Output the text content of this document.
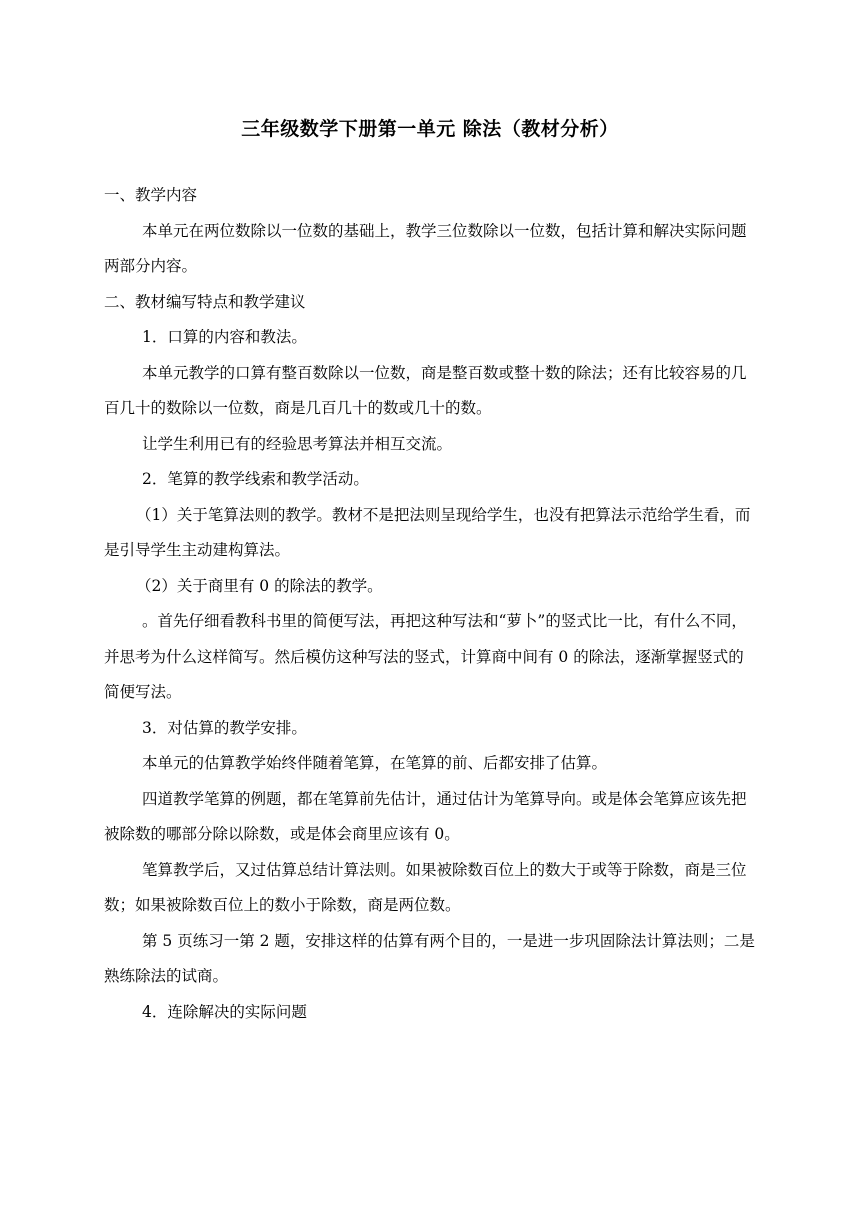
三年级数学下册第一单元 除法（教材分析）

一、教学内容

本单元在两位数除以一位数的基础上，教学三位数除以一位数，包括计算和解决实际问题两部分内容。

二、教材编写特点和教学建议

1．口算的内容和教法。

本单元教学的口算有整百数除以一位数，商是整百数或整十数的除法；还有比较容易的几百几十的数除以一位数，商是几百几十的数或几十的数。

让学生利用已有的经验思考算法并相互交流。

2．笔算的教学线索和教学活动。

（1）关于笔算法则的教学。教材不是把法则呈现给学生，也没有把算法示范给学生看，而是引导学生主动建构算法。

（2）关于商里有 0 的除法的教学。

。首先仔细看教科书里的简便写法，再把这种写法和“萝卜”的竖式比一比，有什么不同，并思考为什么这样简写。然后模仿这种写法的竖式，计算商中间有 0 的除法，逐渐掌握竖式的简便写法。

3．对估算的教学安排。

本单元的估算教学始终伴随着笔算，在笔算的前、后都安排了估算。

四道教学笔算的例题，都在笔算前先估计，通过估计为笔算导向。或是体会笔算应该先把被除数的哪部分除以除数，或是体会商里应该有 0。

笔算教学后，又过估算总结计算法则。如果被除数百位上的数大于或等于除数，商是三位数；如果被除数百位上的数小于除数，商是两位数。

第 5 页练习一第 2 题，安排这样的估算有两个目的，一是进一步巩固除法计算法则；二是熟练除法的试商。

4．连除解决的实际问题
